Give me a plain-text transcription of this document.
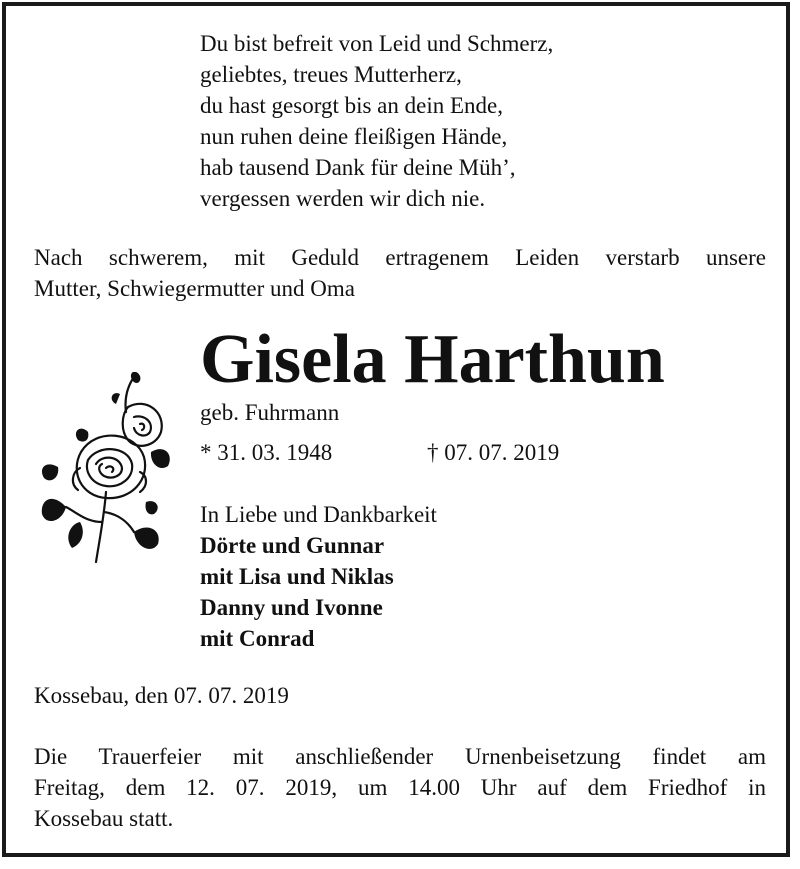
Du bist befreit von Leid und Schmerz,
geliebtes, treues Mutterherz,
du hast gesorgt bis an dein Ende,
nun ruhen deine fleißigen Hände,
hab tausend Dank für deine Müh’,
vergessen werden wir dich nie.
Nach schwerem, mit Geduld ertragenem Leiden verstarb unsere
Mutter, Schwiegermutter und Oma
Gisela Harthun
geb. Fuhrmann
* 31. 03. 1948	† 07. 07. 2019
In Liebe und Dankbarkeit
Dörte und Gunnar
mit Lisa und Niklas
Danny und Ivonne
mit Conrad
Kossebau, den 07. 07. 2019
Die Trauerfeier mit anschließender Urnenbeisetzung findet am
Freitag, dem 12. 07. 2019, um 14.00 Uhr auf dem Friedhof in
Kossebau statt.
